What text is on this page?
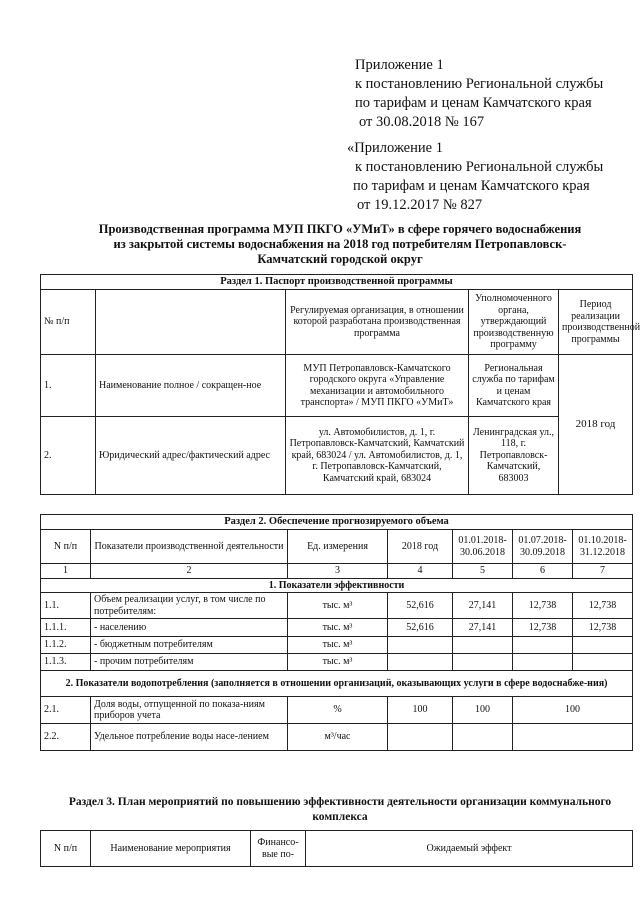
Приложение 1
к постановлению Региональной службы
по тарифам и ценам Камчатского края
от 30.08.2018 № 167
«Приложение 1
к постановлению Региональной службы
по тарифам и ценам Камчатского края
от 19.12.2017 № 827
Производственная программа МУП ПКГО «УМиТ» в сфере горячего водоснабжения
из закрытой системы водоснабжения на 2018 год потребителям Петропавловск-
Камчатский городской округ
Раздел 1. Паспорт производственной программы				
№ п/п		Регулируемая организация, в отношении которой разработана производственная программа	Уполномоченного органа, утверждающий производственную программу	Период реализации производственной программы
1.	Наименование полное / сокращен-ное	МУП Петропавловск-Камчатского городского округа «Управление механизации и автомобильного транспорта» / МУП ПКГО «УМиТ»	Региональная служба по тарифам и ценам Камчатского края	2018 год
2.	Юридический адрес/фактический адрес	ул. Автомобилистов, д. 1, г. Петропавловск-Камчатский, Камчатский край, 683024 / ул. Автомобилистов, д. 1, г. Петропавловск-Камчатский, Камчатский край, 683024	Ленинградская ул., 118, г. Петропавловск-Камчатский, 683003	
Раздел 2. Обеспечение прогнозируемого объема						
N п/п	Показатели производственной деятельности	Ед. измерения	2018 год	01.01.2018-30.06.2018	01.07.2018-30.09.2018	01.10.2018-31.12.2018
1	2	3	4	5	6	7
1. Показатели эффективности						
1.1.	Объем реализации услуг, в том числе по потребителям:	тыс. м³	52,616	27,141	12,738	12,738
1.1.1.	- населению	тыс. м³	52,616	27,141	12,738	12,738
1.1.2.	- бюджетным потребителям	тыс. м³				
1.1.3.	- прочим потребителям	тыс. м³				
2. Показатели водопотребления (заполняется в отношении организаций, оказывающих услуги в сфере водоснабже-ния)						
2.1.	Доля воды, отпущенной по показа-ниям приборов учета	%	100	100	100	
2.2.	Удельное потребление воды насе-лением	м³/час				
Раздел 3. План мероприятий по повышению эффективности деятельности организации коммунального
комплекса
N п/п	Наименование мероприятия	Финансо-вые по-	Ожидаемый эффект
